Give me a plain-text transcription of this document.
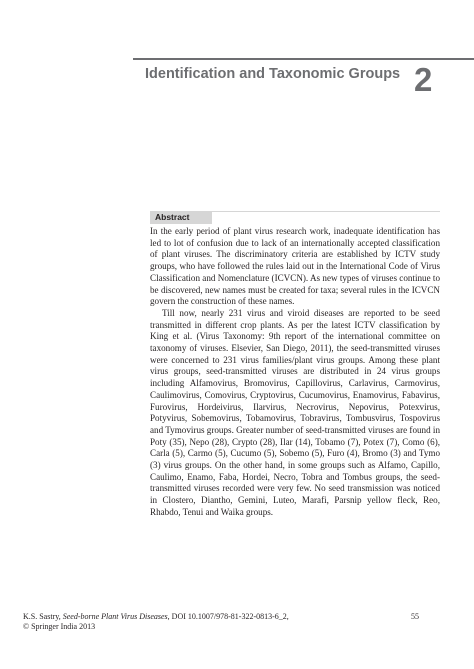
Identification and Taxonomic Groups 2
Abstract

In the early period of plant virus research work, inadequate identification has led to lot of confusion due to lack of an internationally accepted classification of plant viruses. The discriminatory criteria are established by ICTV study groups, who have followed the rules laid out in the International Code of Virus Classification and Nomenclature (ICVCN). As new types of viruses continue to be discovered, new names must be created for taxa; several rules in the ICVCN govern the construction of these names.

Till now, nearly 231 virus and viroid diseases are reported to be seed transmitted in different crop plants. As per the latest ICTV classification by King et al. (Virus Taxonomy: 9th report of the international committee on taxonomy of viruses. Elsevier, San Diego, 2011), the seed-transmitted viruses were concerned to 231 virus families/plant virus groups. Among these plant virus groups, seed-transmitted viruses are distributed in 24 virus groups including Alfamovirus, Bromovirus, Capillovirus, Carlavirus, Carmovirus, Caulimovirus, Comovirus, Cryptovirus, Cucumovirus, Enamovirus, Fabavirus, Furovirus, Hordeivirus, Ilarvirus, Necrovirus, Nepovirus, Potexvirus, Potyvirus, Sobemovirus, Tobamovirus, Tobravirus, Tombusvirus, Tospovirus and Tymovirus groups. Greater number of seed-transmitted viruses are found in Poty (35), Nepo (28), Crypto (28), Ilar (14), Tobamo (7), Potex (7), Como (6), Carla (5), Carmo (5), Cucumo (5), Sobemo (5), Furo (4), Bromo (3) and Tymo (3) virus groups. On the other hand, in some groups such as Alfamo, Capillo, Caulimo, Enamo, Faba, Hordei, Necro, Tobra and Tombus groups, the seed-transmitted viruses recorded were very few. No seed transmission was noticed in Clostero, Diantho, Gemini, Luteo, Marafi, Parsnip yellow fleck, Reo, Rhabdo, Tenui and Waika groups.

K.S. Sastry, Seed-borne Plant Virus Diseases, DOI 10.1007/978-81-322-0813-6_2,
© Springer India 2013
55
